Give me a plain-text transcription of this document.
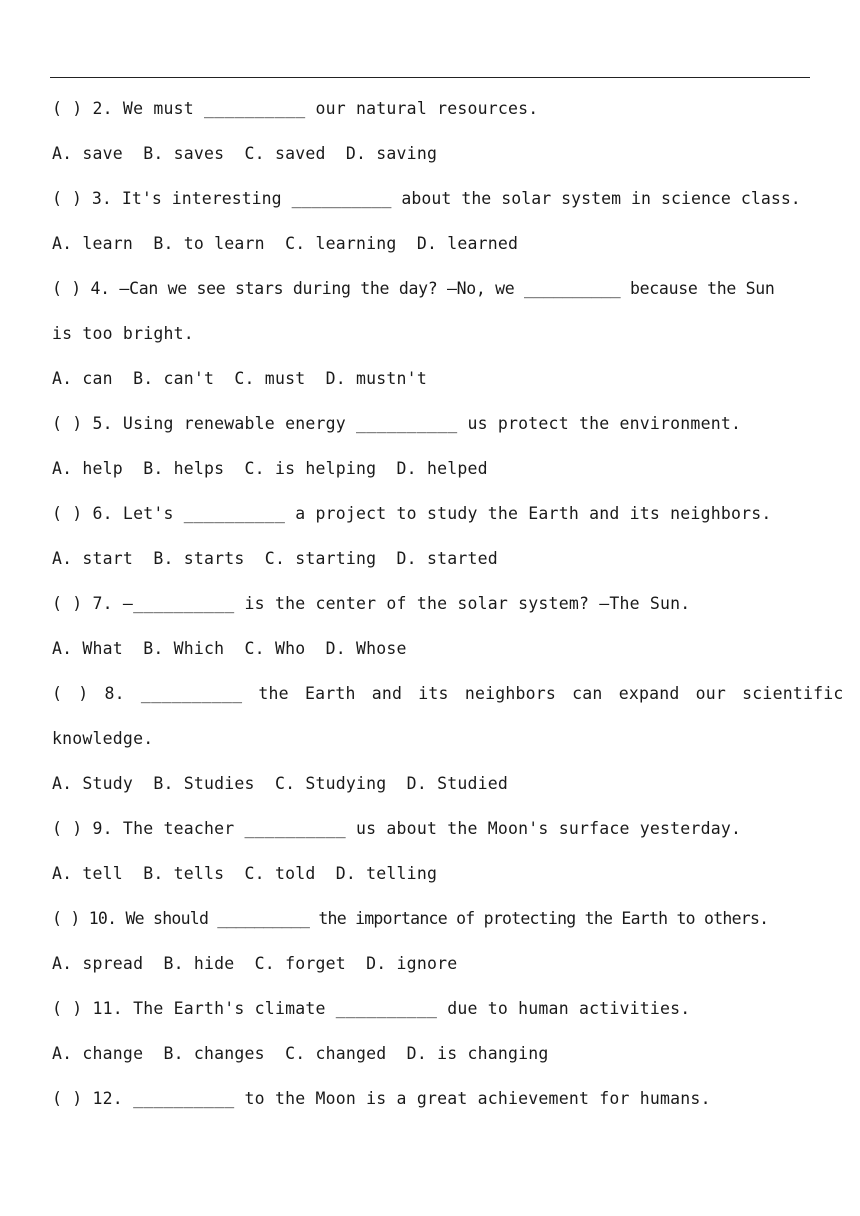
( ) 2. We must __________ our natural resources.
A. save  B. saves  C. saved  D. saving
( ) 3. It's interesting __________ about the solar system in science class.
A. learn  B. to learn  C. learning  D. learned
( ) 4. —Can we see stars during the day? —No, we __________ because the Sun
is too bright.
A. can  B. can't  C. must  D. mustn't
( ) 5. Using renewable energy __________ us protect the environment.
A. help  B. helps  C. is helping  D. helped
( ) 6. Let's __________ a project to study the Earth and its neighbors.
A. start  B. starts  C. starting  D. started
( ) 7. —__________ is the center of the solar system? —The Sun.
A. What  B. Which  C. Who  D. Whose
( ) 8. __________ the Earth and its neighbors can expand our scientific
knowledge.
A. Study  B. Studies  C. Studying  D. Studied
( ) 9. The teacher __________ us about the Moon's surface yesterday.
A. tell  B. tells  C. told  D. telling
( ) 10. We should __________ the importance of protecting the Earth to others.
A. spread  B. hide  C. forget  D. ignore
( ) 11. The Earth's climate __________ due to human activities.
A. change  B. changes  C. changed  D. is changing
( ) 12. __________ to the Moon is a great achievement for humans.
